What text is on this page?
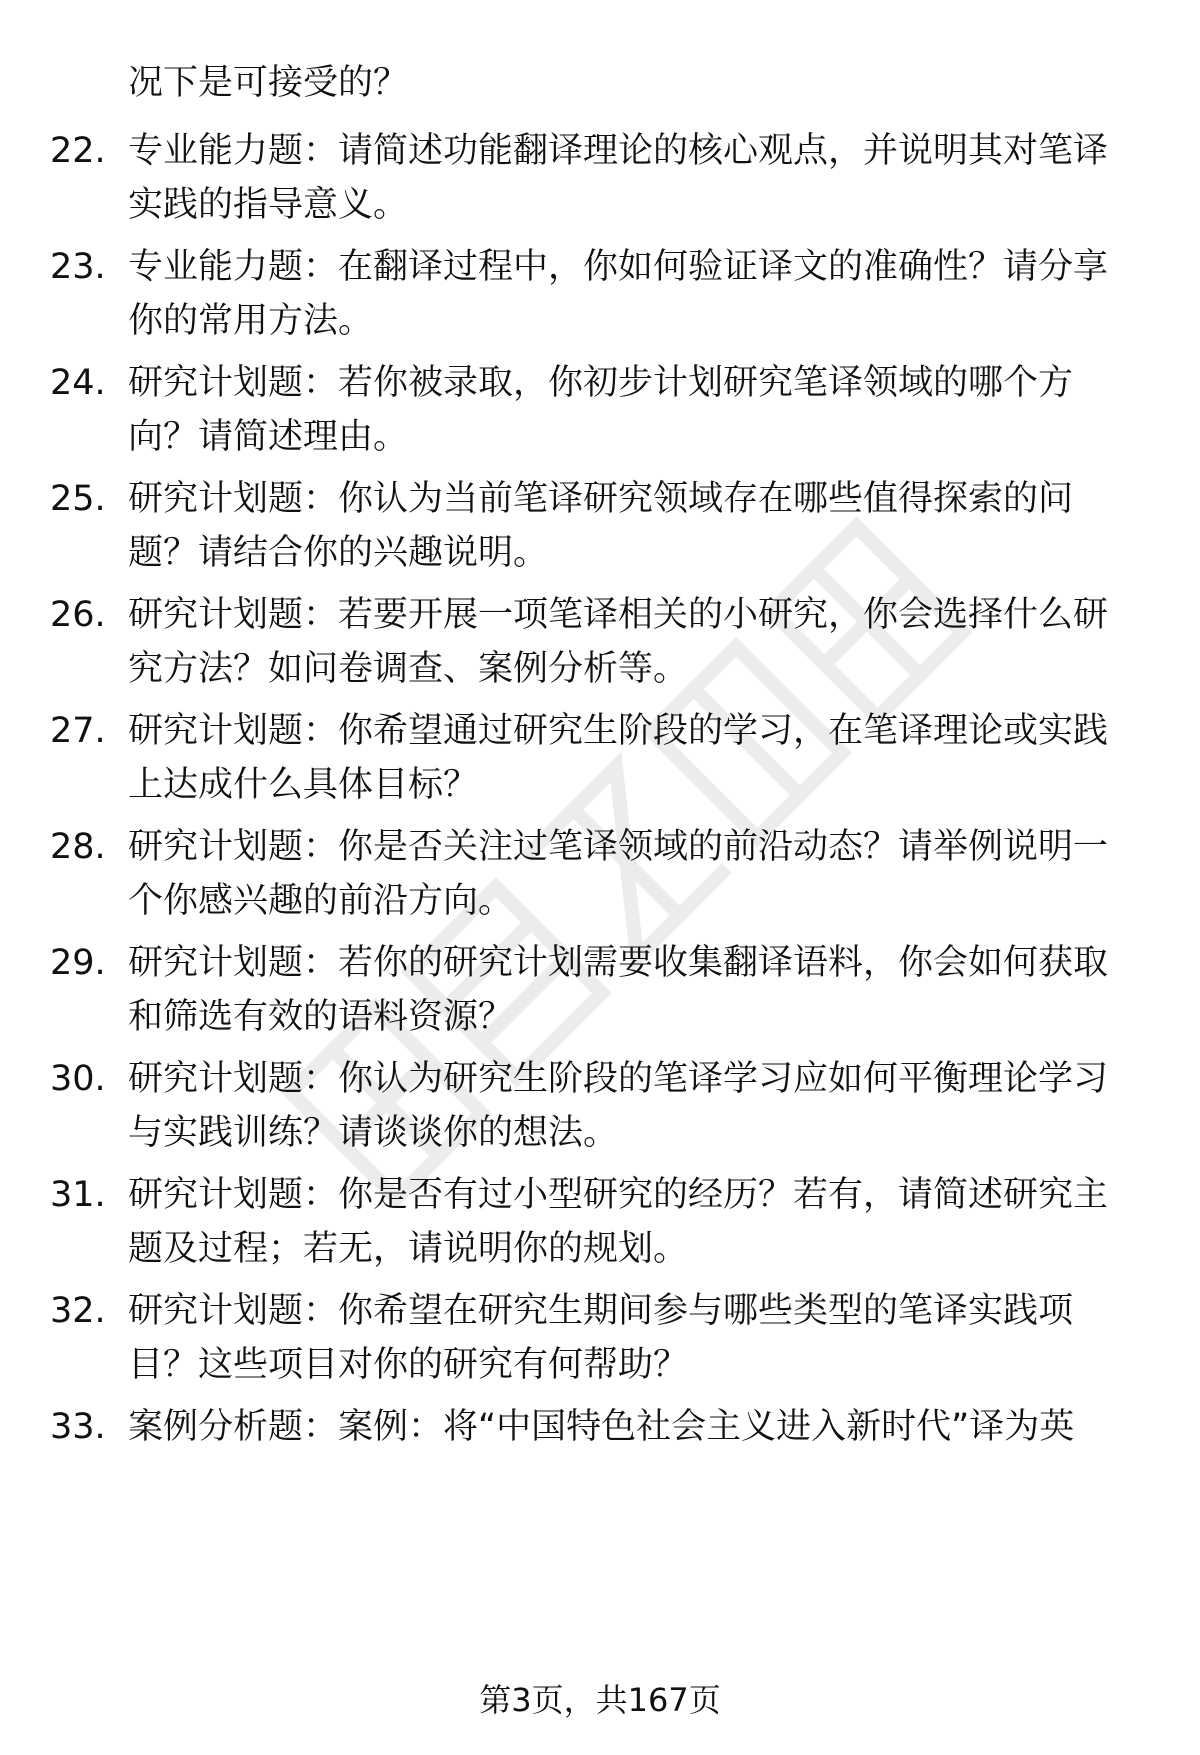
况下是可接受的？
22. 专业能力题：请简述功能翻译理论的核心观点，并说明其对笔译
实践的指导意义。
23. 专业能力题：在翻译过程中，你如何验证译文的准确性？请分享
你的常用方法。
24. 研究计划题：若你被录取，你初步计划研究笔译领域的哪个方
向？请简述理由。
25. 研究计划题：你认为当前笔译研究领域存在哪些值得探索的问
题？请结合你的兴趣说明。
26. 研究计划题：若要开展一项笔译相关的小研究，你会选择什么研
究方法？如问卷调查、案例分析等。
27. 研究计划题：你希望通过研究生阶段的学习，在笔译理论或实践
上达成什么具体目标？
28. 研究计划题：你是否关注过笔译领域的前沿动态？请举例说明一
个你感兴趣的前沿方向。
29. 研究计划题：若你的研究计划需要收集翻译语料，你会如何获取
和筛选有效的语料资源？
30. 研究计划题：你认为研究生阶段的笔译学习应如何平衡理论学习
与实践训练？请谈谈你的想法。
31. 研究计划题：你是否有过小型研究的经历？若有，请简述研究主
题及过程；若无，请说明你的规划。
32. 研究计划题：你希望在研究生期间参与哪些类型的笔译实践项
目？这些项目对你的研究有何帮助？
33. 案例分析题：案例：将“中国特色社会主义进入新时代”译为英
第3页，共167页
